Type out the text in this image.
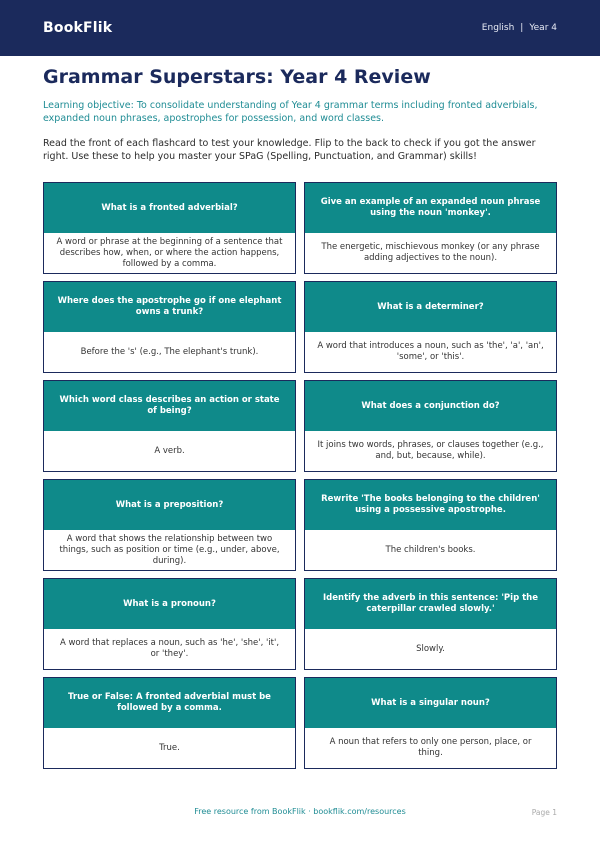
BookFlik	English | Year 4
Grammar Superstars: Year 4 Review

Learning objective: To consolidate understanding of Year 4 grammar terms including fronted adverbials, expanded noun phrases, apostrophes for possession, and word classes.

Read the front of each flashcard to test your knowledge. Flip to the back to check if you got the answer right. Use these to help you master your SPaG (Spelling, Punctuation, and Grammar) skills!

What is a fronted adverbial?
A word or phrase at the beginning of a sentence that describes how, when, or where the action happens, followed by a comma.
Give an example of an expanded noun phrase using the noun 'monkey'.
The energetic, mischievous monkey (or any phrase adding adjectives to the noun).
Where does the apostrophe go if one elephant owns a trunk?
Before the 's' (e.g., The elephant's trunk).
What is a determiner?
A word that introduces a noun, such as 'the', 'a', 'an', 'some', or 'this'.
Which word class describes an action or state of being?
A verb.
What does a conjunction do?
It joins two words, phrases, or clauses together (e.g., and, but, because, while).
What is a preposition?
A word that shows the relationship between two things, such as position or time (e.g., under, above, during).
Rewrite 'The books belonging to the children' using a possessive apostrophe.
The children's books.
What is a pronoun?
A word that replaces a noun, such as 'he', 'she', 'it', or 'they'.
Identify the adverb in this sentence: 'Pip the caterpillar crawled slowly.'
Slowly.
True or False: A fronted adverbial must be followed by a comma.
True.
What is a singular noun?
A noun that refers to only one person, place, or thing.
Free resource from BookFlik · bookflik.com/resources	Page 1
